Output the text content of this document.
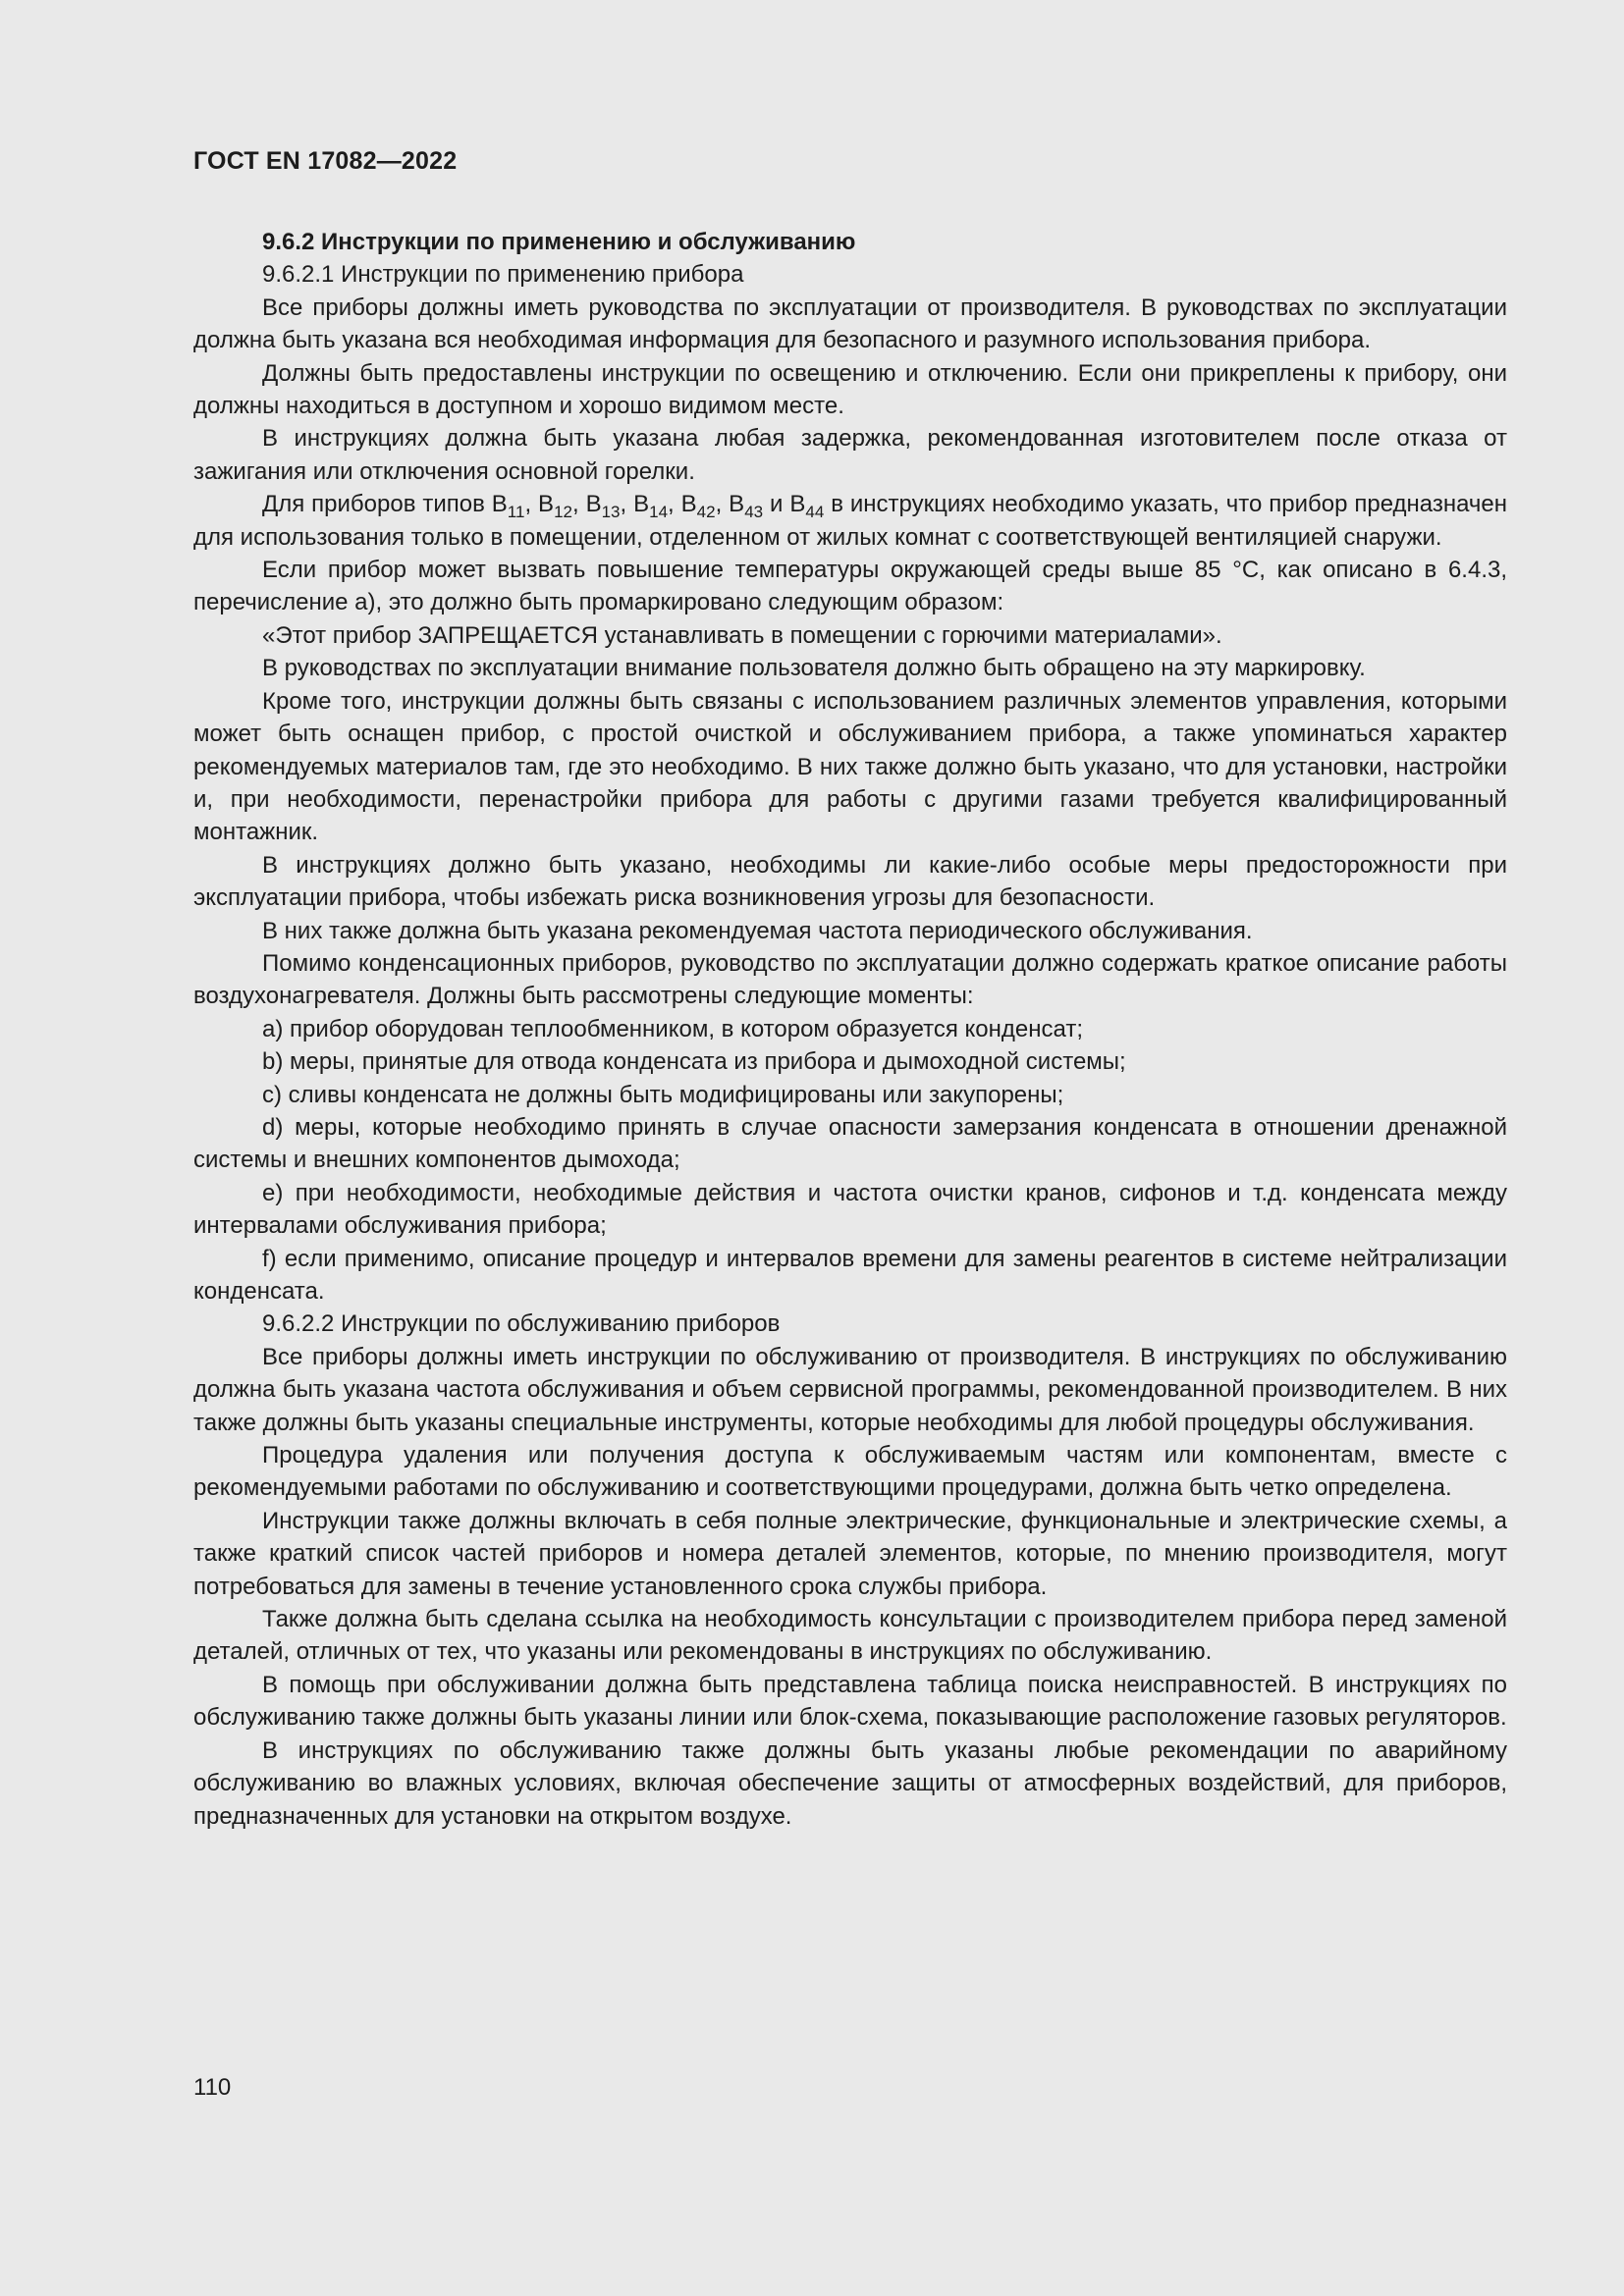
ГОСТ EN 17082—2022

9.6.2 Инструкции по применению и обслуживанию

9.6.2.1 Инструкции по применению прибора

Все приборы должны иметь руководства по эксплуатации от производителя. В руководствах по эксплуатации должна быть указана вся необходимая информация для безопасного и разумного использования прибора.

Должны быть предоставлены инструкции по освещению и отключению. Если они прикреплены к прибору, они должны находиться в доступном и хорошо видимом месте.

В инструкциях должна быть указана любая задержка, рекомендованная изготовителем после отказа от зажигания или отключения основной горелки.

Для приборов типов $B_{11}$, $B_{12}$, $B_{13}$, $B_{14}$, $B_{42}$, $B_{43}$ и $B_{44}$ в инструкциях необходимо указать, что прибор предназначен для использования только в помещении, отделенном от жилых комнат с соответствующей вентиляцией снаружи.

Если прибор может вызвать повышение температуры окружающей среды выше 85 °С, как описано в 6.4.3, перечисление а), это должно быть промаркировано следующим образом:

«Этот прибор ЗАПРЕЩАЕТСЯ устанавливать в помещении с горючими материалами».

В руководствах по эксплуатации внимание пользователя должно быть обращено на эту маркировку.

Кроме того, инструкции должны быть связаны с использованием различных элементов управления, которыми может быть оснащен прибор, с простой очисткой и обслуживанием прибора, а также упоминаться характер рекомендуемых материалов там, где это необходимо. В них также должно быть указано, что для установки, настройки и, при необходимости, перенастройки прибора для работы с другими газами требуется квалифицированный монтажник.

В инструкциях должно быть указано, необходимы ли какие-либо особые меры предосторожности при эксплуатации прибора, чтобы избежать риска возникновения угрозы для безопасности.

В них также должна быть указана рекомендуемая частота периодического обслуживания.

Помимо конденсационных приборов, руководство по эксплуатации должно содержать краткое описание работы воздухонагревателя. Должны быть рассмотрены следующие моменты:

a) прибор оборудован теплообменником, в котором образуется конденсат;

b) меры, принятые для отвода конденсата из прибора и дымоходной системы;

c) сливы конденсата не должны быть модифицированы или закупорены;

d) меры, которые необходимо принять в случае опасности замерзания конденсата в отношении дренажной системы и внешних компонентов дымохода;

e) при необходимости, необходимые действия и частота очистки кранов, сифонов и т.д. конденсата между интервалами обслуживания прибора;

f) если применимо, описание процедур и интервалов времени для замены реагентов в системе нейтрализации конденсата.

9.6.2.2 Инструкции по обслуживанию приборов

Все приборы должны иметь инструкции по обслуживанию от производителя. В инструкциях по обслуживанию должна быть указана частота обслуживания и объем сервисной программы, рекомендованной производителем. В них также должны быть указаны специальные инструменты, которые необходимы для любой процедуры обслуживания.

Процедура удаления или получения доступа к обслуживаемым частям или компонентам, вместе с рекомендуемыми работами по обслуживанию и соответствующими процедурами, должна быть четко определена.

Инструкции также должны включать в себя полные электрические, функциональные и электрические схемы, а также краткий список частей приборов и номера деталей элементов, которые, по мнению производителя, могут потребоваться для замены в течение установленного срока службы прибора.

Также должна быть сделана ссылка на необходимость консультации с производителем прибора перед заменой деталей, отличных от тех, что указаны или рекомендованы в инструкциях по обслуживанию.

В помощь при обслуживании должна быть представлена таблица поиска неисправностей. В инструкциях по обслуживанию также должны быть указаны линии или блок-схема, показывающие расположение газовых регуляторов.

В инструкциях по обслуживанию также должны быть указаны любые рекомендации по аварийному обслуживанию во влажных условиях, включая обеспечение защиты от атмосферных воздействий, для приборов, предназначенных для установки на открытом воздухе.

110
